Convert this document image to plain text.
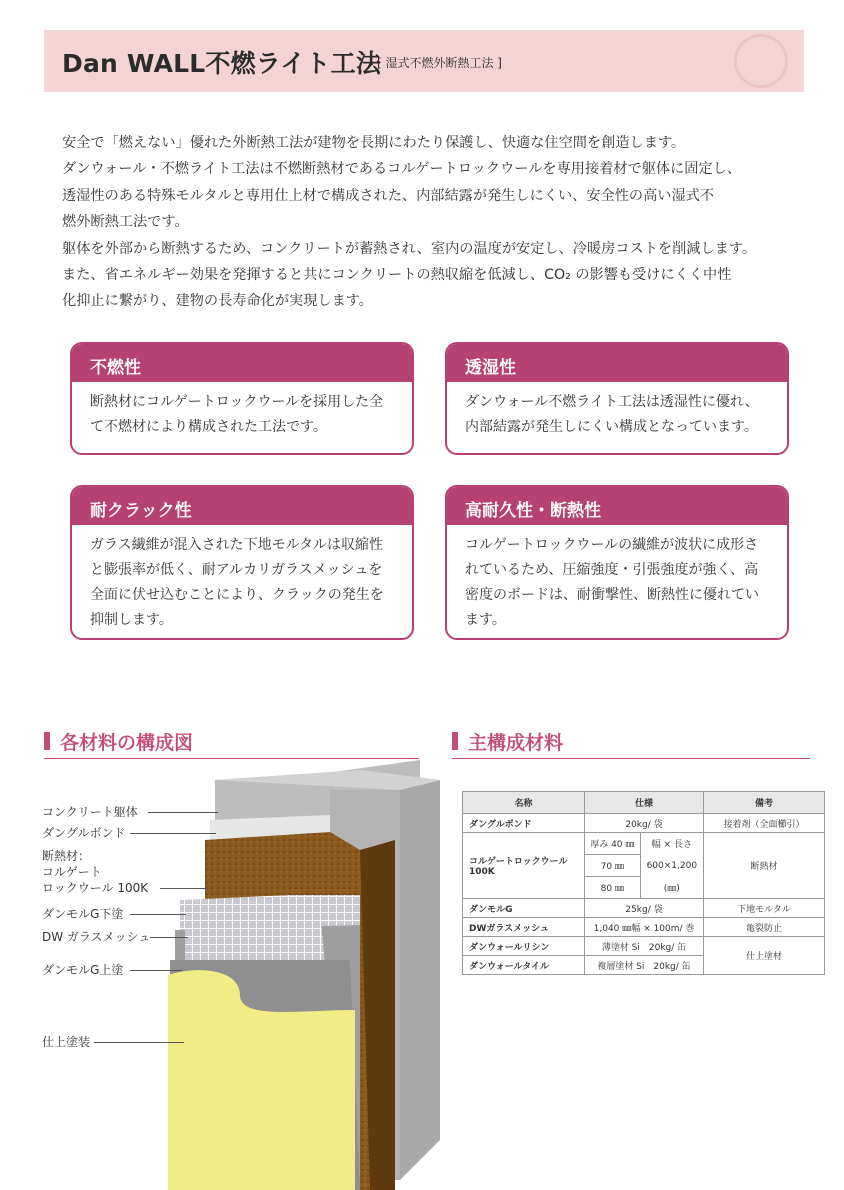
Dan WALL不燃ライト工法
[ 湿式不燃外断熱工法 ]

安全で「燃えない」優れた外断熱工法が建物を長期にわたり保護し、快適な住空間を創造します。

ダンウォール・不燃ライト工法は不燃断熱材であるコルゲートロックウールを専用接着材で躯体に固定し、

透湿性のある特殊モルタルと専用仕上材で構成された、内部結露が発生しにくい、安全性の高い湿式不

燃外断熱工法です。

躯体を外部から断熱するため、コンクリートが蓄熱され、室内の温度が安定し、冷暖房コストを削減します。

また、省エネルギー効果を発揮すると共にコンクリートの熱収縮を低減し、CO₂ の影響も受けにくく中性

化抑止に繋がり、建物の長寿命化が実現します。

不燃性
断熱材にコルゲートロックウールを採用した全
て不燃材により構成された工法です。
透湿性
ダンウォール不燃ライト工法は透湿性に優れ、
内部結露が発生しにくい構成となっています。
耐クラック性
ガラス繊維が混入された下地モルタルは収縮性
と膨張率が低く、耐アルカリガラスメッシュを
全面に伏せ込むことにより、クラックの発生を
抑制します。
高耐久性・断熱性
コルゲートロックウールの繊維が波状に成形さ
れているため、圧縮強度・引張強度が強く、高
密度のボードは、耐衝撃性、断熱性に優れてい
ます。
各材料の構成図	主構成材料
コンクリート躯体
ダングルボンド
断熱材：
コルゲート
ロックウール 100K
ダンモルG下塗
DW ガラスメッシュ
ダンモルG上塗
仕上塗装
名称	仕様		備考
ダングルボンド	20kg/ 袋		接着剤（全面櫛引）
コルゲートロックウール100K	厚み 40 ㎜	幅 × 長さ	断熱材
	70 ㎜	600×1,200	
	80 ㎜	(㎜)	
ダンモルG	25kg/ 袋		下地モルタル
DWガラスメッシュ	1,040 ㎜幅 × 100m/ 巻		亀裂防止
ダンウォールリシン	薄塗材 Si　20kg/ 缶		仕上塗材
ダンウォールタイル	複層塗材 Si　20kg/ 缶		
